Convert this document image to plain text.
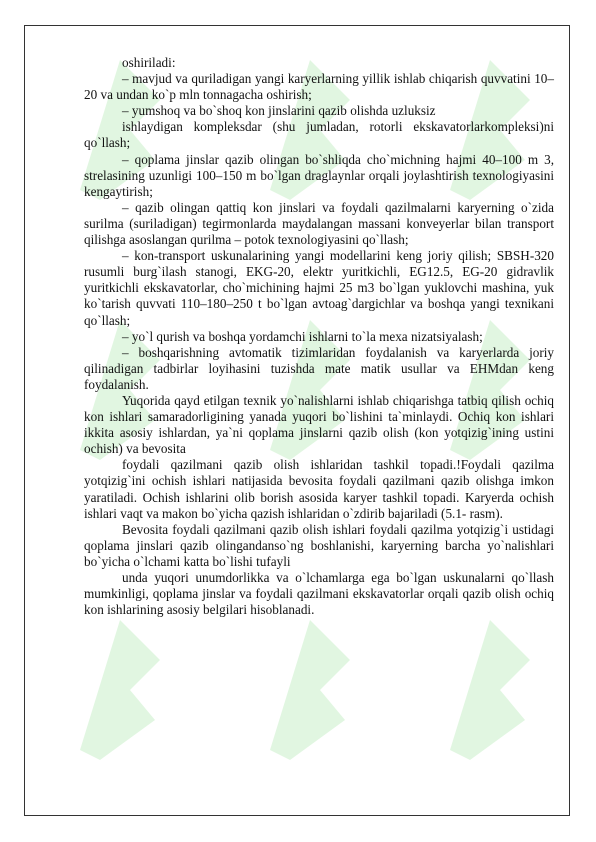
oshiriladi:

– mavjud va quriladigan yangi karyerlarning yillik ishlab chiqarish quvvatini 10–20 va undan ko`p mln tonnagacha oshirish;

– yumshoq va bo`shoq kon jinslarini qazib olishda uzluksiz

ishlaydigan kompleksdar (shu jumladan, rotorli ekskavatorlarkompleksi)ni qo`llash;

– qoplama jinslar qazib olingan bo`shliqda cho`michning hajmi 40–100 m 3, strelasining uzunligi 100–150 m bo`lgan draglaynlar orqali joylashtirish texnologiyasini kengaytirish;

– qazib olingan qattiq kon jinslari va foydali qazilmalarni karyerning o`zida surilma (suriladigan) tegirmonlarda maydalangan massani konveyerlar bilan transport qilishga asoslangan qurilma – potok texnologiyasini qo`llash;

– kon-transport uskunalarining yangi modellarini keng joriy qilish; SBSH-320 rusumli burg`ilash stanogi, EKG-20, elektr yuritkichli, EG12.5, EG-20 gidravlik yuritkichli ekskavatorlar, cho`michining hajmi 25 m3 bo`lgan yuklovchi mashina, yuk ko`tarish quvvati 110–180–250 t bo`lgan avtoag`dargichlar va boshqa yangi texnikani qo`llash;

– yo`l qurish va boshqa yordamchi ishlarni to`la mexa nizatsiyalash;

– boshqarishning avtomatik tizimlaridan foydalanish va karyerlarda joriy qilinadigan tadbirlar loyihasini tuzishda mate matik usullar va EHMdan keng foydalanish.

Yuqorida qayd etilgan texnik yo`nalishlarni ishlab chiqarishga tatbiq qilish ochiq kon ishlari samaradorligining yanada yuqori bo`lishini ta`minlaydi. Ochiq kon ishlari ikkita asosiy ishlardan, ya`ni qoplama jinslarni qazib olish (kon yotqizig`ining ustini ochish) va bevosita

foydali qazilmani qazib olish ishlaridan tashkil topadi.!Foydali qazilma yotqizig`ini ochish ishlari natijasida bevosita foydali qazilmani qazib olishga imkon yaratiladi. Ochish ishlarini olib borish asosida karyer tashkil topadi. Karyerda ochish ishlari vaqt va makon bo`yicha qazish ishlaridan o`zdirib bajariladi (5.1- rasm).

Bevosita foydali qazilmani qazib olish ishlari foydali qazilma yotqizig`i ustidagi qoplama jinslari qazib olingandanso`ng boshlanishi, karyerning barcha yo`nalishlari bo`yicha o`lchami katta bo`lishi tufayli

unda yuqori unumdorlikka va o`lchamlarga ega bo`lgan uskunalarni qo`llash mumkinligi, qoplama jinslar va foydali qazilmani ekskavatorlar orqali qazib olish ochiq kon ishlarining asosiy belgilari hisoblanadi.
